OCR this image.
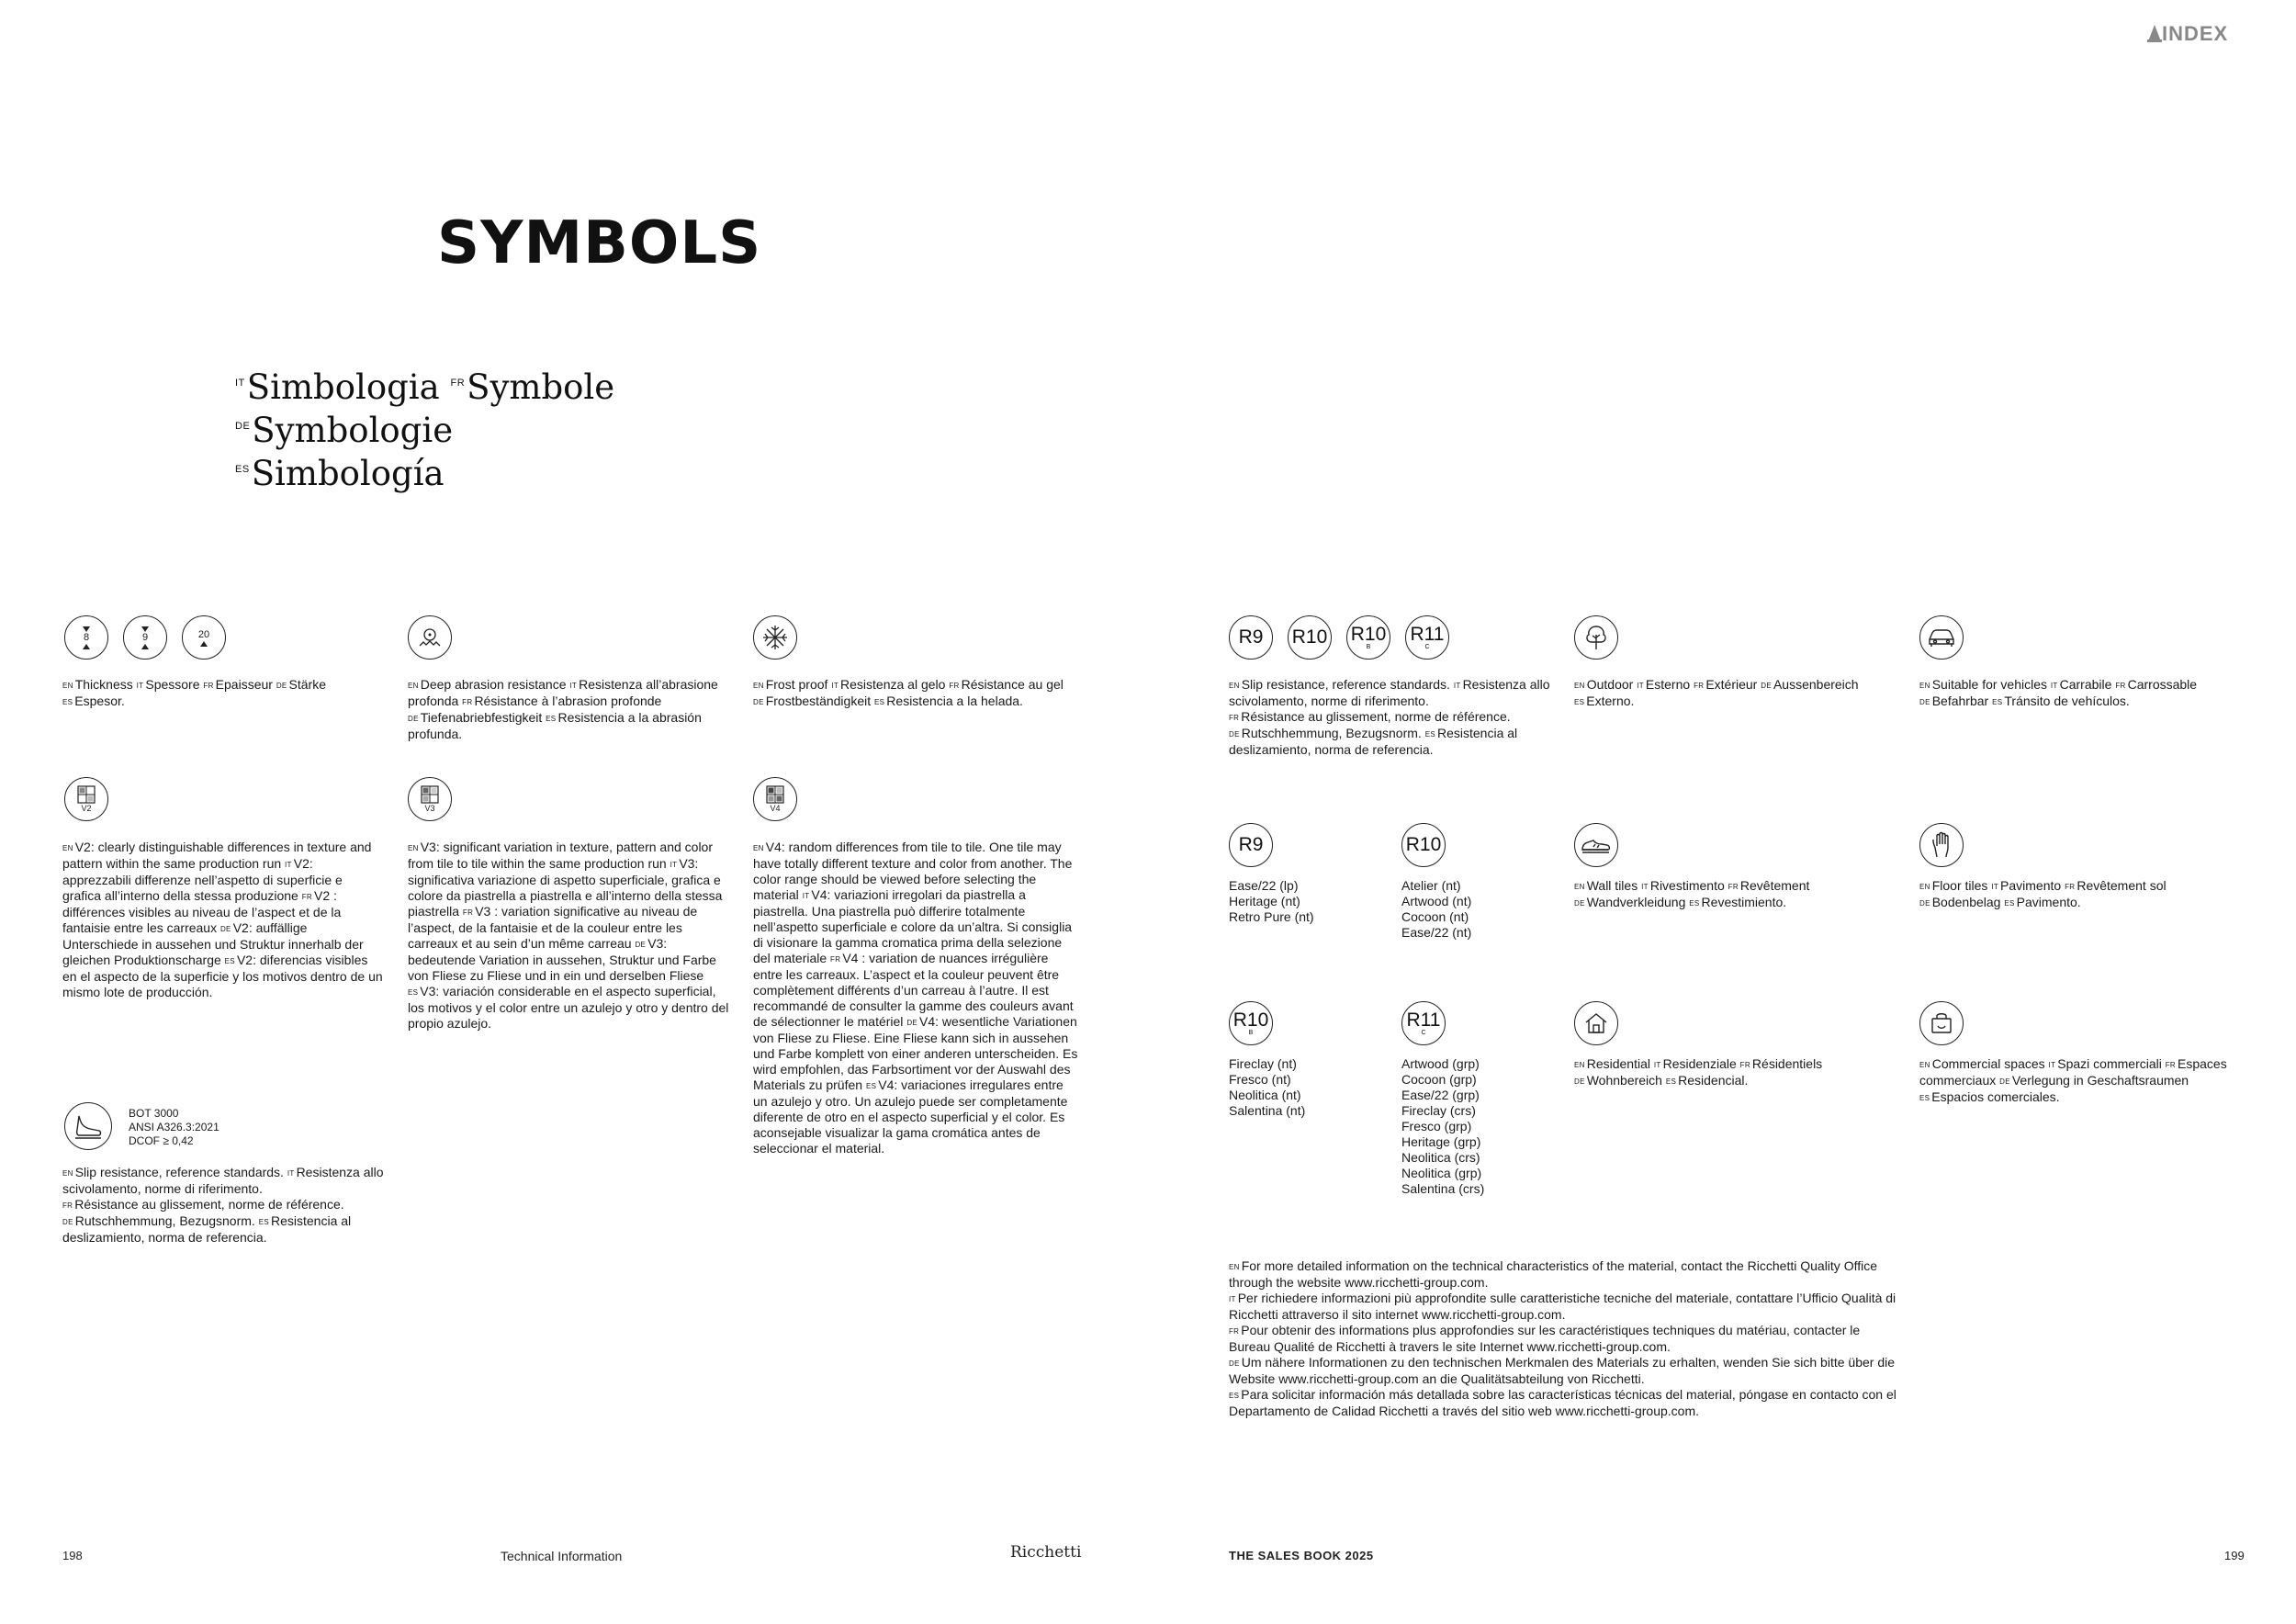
INDEX
SYMBOLS
$^{IT}$Simbologia $^{FR}$Symbole $^{DE}$Symbologie
$^{ES}$Simbología
8	9	20
EN Thickness IT Spessore FR Epaisseur DE Stärke
ES Espesor.
EN Deep abrasion resistance IT Resistenza all’abrasione profonda FR Résistance à l’abrasion profonde DE Tiefenabriebfestigkeit ES Resistencia a la abrasión profunda.
EN Frost proof IT Resistenza al gelo FR Résistance au gel DE Frostbeständigkeit ES Resistencia a la helada.
V2
EN V2: clearly distinguishable differences in texture and pattern within the same production run IT V2: apprezzabili differenze nell’aspetto di superficie e grafica all’interno della stessa produzione FR V2 : différences visibles au niveau de l’aspect et de la fantaisie entre les carreaux DE V2: auffällige Unterschiede in aussehen und Struktur innerhalb der gleichen Produktionscharge ES V2: diferencias visibles en el aspecto de la superficie y los motivos dentro de un mismo lote de producción.
V3
EN V3: significant variation in texture, pattern and color from tile to tile within the same production run IT V3: significativa variazione di aspetto superficiale, grafica e colore da piastrella a piastrella e all’interno della stessa piastrella FR V3 : variation significative au niveau de l’aspect, de la fantaisie et de la couleur entre les carreaux et au sein d’un même carreau DE V3: bedeutende Variation in aussehen, Struktur und Farbe von Fliese zu Fliese und in ein und derselben Fliese ES V3: variación considerable en el aspecto superficial, los motivos y el color entre un azulejo y otro y dentro del propio azulejo.
V4
EN V4: random differences from tile to tile. One tile may have totally different texture and color from another. The color range should be viewed before selecting the material IT V4: variazioni irregolari da piastrella a piastrella. Una piastrella può differire totalmente nell’aspetto superficiale e colore da un’altra. Si consiglia di visionare la gamma cromatica prima della selezione del materiale FR V4 : variation de nuances irrégulière entre les carreaux. L’aspect et la couleur peuvent être complètement différents d’un carreau à l’autre. Il est recommandé de consulter la gamme des couleurs avant de sélectionner le matériel DE V4: wesentliche Variationen von Fliese zu Fliese. Eine Fliese kann sich in aussehen und Farbe komplett von einer anderen unterscheiden. Es wird empfohlen, das Farbsortiment vor der Auswahl des Materials zu prüfen ES V4: variaciones irregulares entre un azulejo y otro. Un azulejo puede ser completamente diferente de otro en el aspecto superficial y el color. Es aconsejable visualizar la gama cromática antes de seleccionar el material.
BOT 3000
ANSI A326.3:2021
DCOF ≥ 0,42
EN Slip resistance, reference standards. IT Resistenza allo scivolamento, norme di riferimento.
FR Résistance au glissement, norme de référence.
DE Rutschhemmung, Bezugsnorm. ES Resistencia al deslizamiento, norma de referencia.
R9 R10 R10
B
R11
C
EN Slip resistance, reference standards. IT Resistenza allo scivolamento, norme di riferimento.
FR Résistance au glissement, norme de référence.
DE Rutschhemmung, Bezugsnorm. ES Resistencia al deslizamiento, norma de referencia.
EN Outdoor IT Esterno FR Extérieur DE Aussenbereich
ES Externo.
EN Suitable for vehicles IT Carrabile FR Carrossable
DE Befahrbar ES Tránsito de vehículos.
R9
Ease/22 (lp)
Heritage (nt)
Retro Pure (nt)
R10
Atelier (nt)
Artwood (nt)
Cocoon (nt)
Ease/22 (nt)
EN Wall tiles IT Rivestimento FR Revêtement
DE Wandverkleidung ES Revestimiento.
EN Floor tiles IT Pavimento FR Revêtement sol
DE Bodenbelag ES Pavimento.
R10
B
Fireclay (nt)
Fresco (nt)
Neolitica (nt)
Salentina (nt)
R11
C
Artwood (grp)
Cocoon (grp)
Ease/22 (grp)
Fireclay (crs)
Fresco (grp)
Heritage (grp)
Neolitica (crs)
Neolitica (grp)
Salentina (crs)
EN Residential IT Residenziale FR Résidentiels DE Wohnbereich ES Residencial.
EN Commercial spaces IT Spazi commerciali FR Espaces commerciaux DE Verlegung in Geschaftsraumen ES Espacios comerciales.
EN For more detailed information on the technical characteristics of the material, contact the Ricchetti Quality Office through the website www.ricchetti-group.com.
IT Per richiedere informazioni più approfondite sulle caratteristiche tecniche del materiale, contattare l’Ufficio Qualità di Ricchetti attraverso il sito internet www.ricchetti-group.com.
FR Pour obtenir des informations plus approfondies sur les caractéristiques techniques du matériau, contacter le Bureau Qualité de Ricchetti à travers le site Internet www.ricchetti-group.com.
DE Um nähere Informationen zu den technischen Merkmalen des Materials zu erhalten, wenden Sie sich bitte über die Website www.ricchetti-group.com an die Qualitätsabteilung von Ricchetti.
ES Para solicitar información más detallada sobre las características técnicas del material, póngase en contacto con el Departamento de Calidad Ricchetti a través del sitio web www.ricchetti-group.com.
198	Technical Information	Ricchetti	THE SALES BOOK 2025	199
